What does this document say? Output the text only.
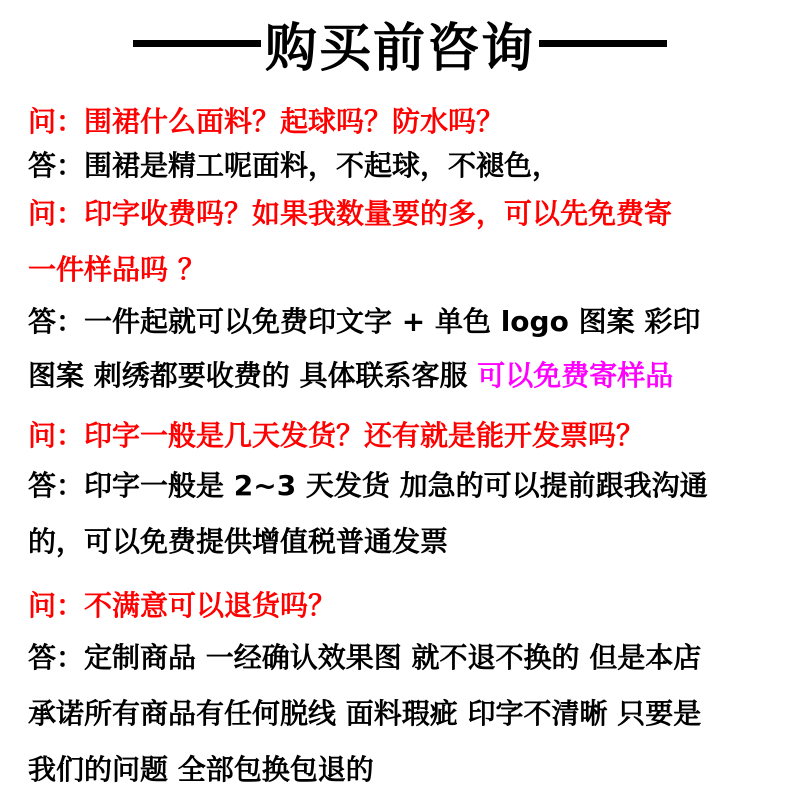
购买前咨询
问：围裙什么面料？起球吗？防水吗？
答：围裙是精工呢面料，不起球，不褪色，
问：印字收费吗？如果我数量要的多，可以先免费寄
一件样品吗 ？
答：一件起就可以免费印文字 + 单色 logo 图案 彩印
图案 刺绣都要收费的 具体联系客服 可以免费寄样品
问：印字一般是几天发货？还有就是能开发票吗？
答：印字一般是 2~3 天发货 加急的可以提前跟我沟通
的，可以免费提供增值税普通发票
问：不满意可以退货吗？
答：定制商品 一经确认效果图 就不退不换的 但是本店
承诺所有商品有任何脱线 面料瑕疵 印字不清晰 只要是
我们的问题 全部包换包退的
